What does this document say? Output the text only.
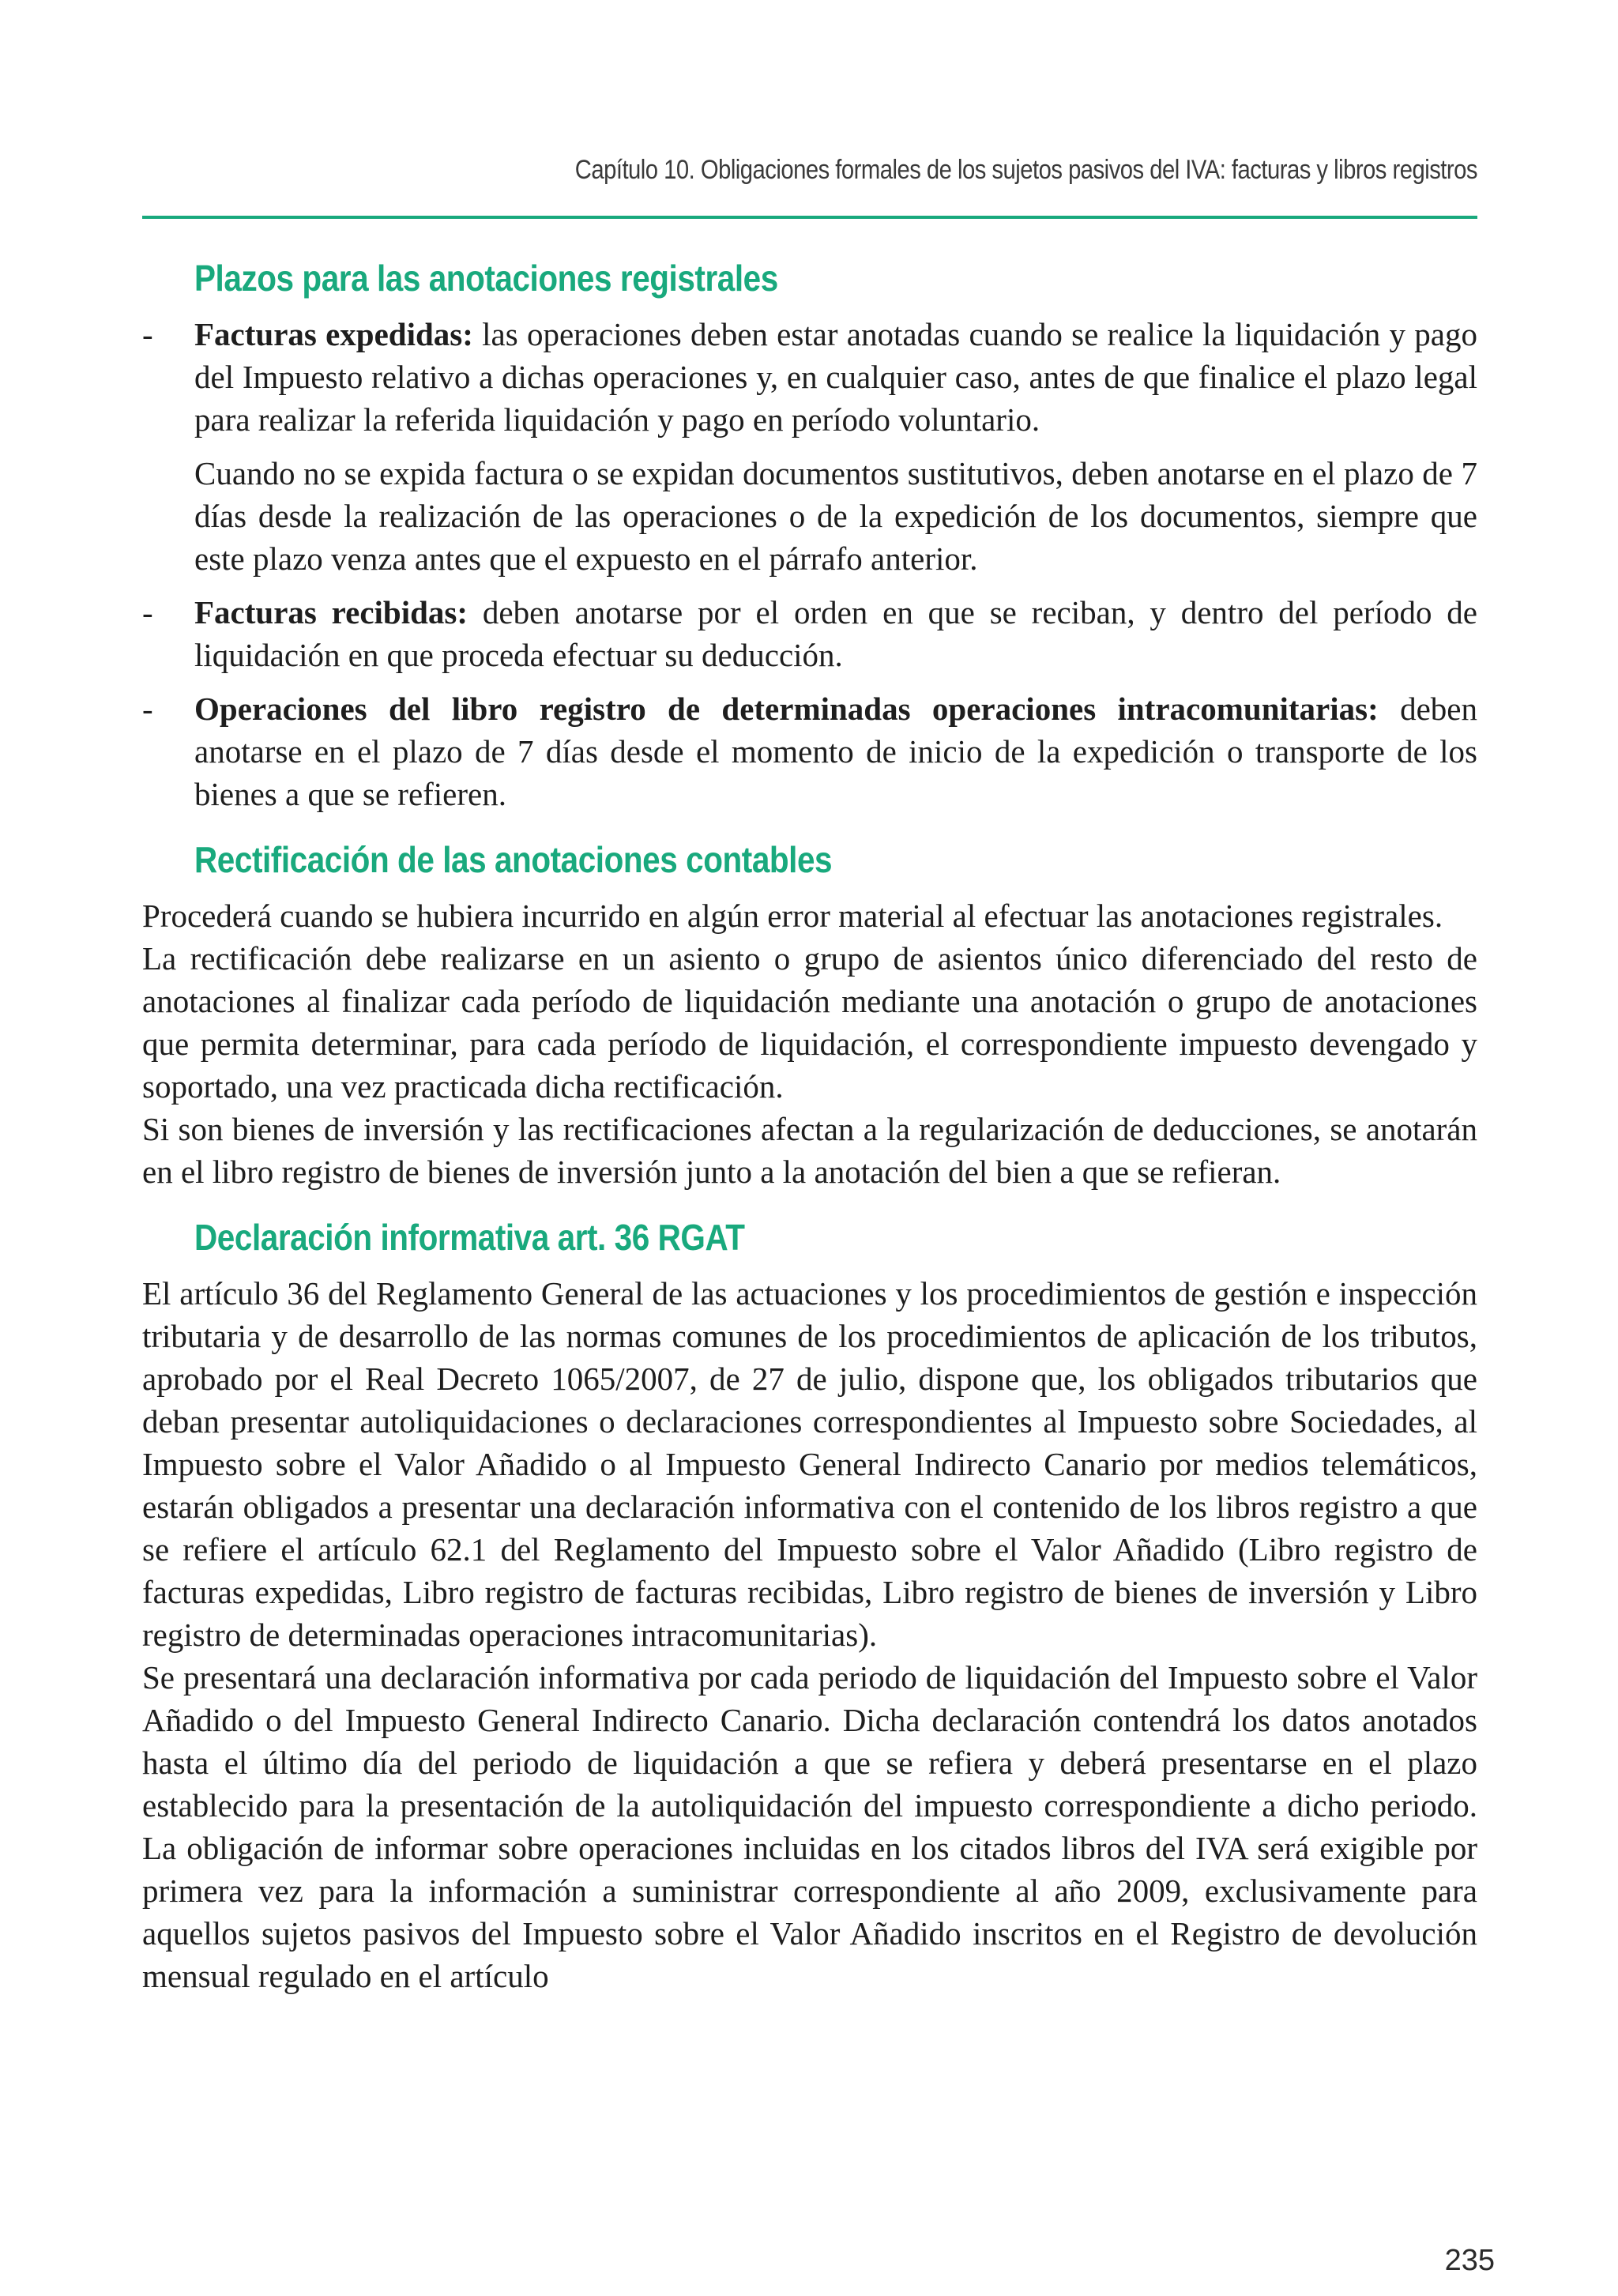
Capítulo 10. Obligaciones formales de los sujetos pasivos del IVA: facturas y libros registros
Plazos para las anotaciones registrales
- Facturas expedidas: las operaciones deben estar anotadas cuando se realice la liquidación y pago del Impuesto relativo a dichas operaciones y, en cualquier caso, antes de que finalice el plazo legal para realizar la referida liquidación y pago en período voluntario.

Cuando no se expida factura o se expidan documentos sustitutivos, deben anotarse en el plazo de 7 días desde la realización de las operaciones o de la expedición de los documentos, siempre que este plazo venza antes que el expuesto en el párrafo anterior.

- Facturas recibidas: deben anotarse por el orden en que se reciban, y dentro del período de liquidación en que proceda efectuar su deducción.

- Operaciones del libro registro de determinadas operaciones intracomunitarias: deben anotarse en el plazo de 7 días desde el momento de inicio de la expedición o transporte de los bienes a que se refieren.

Rectificación de las anotaciones contables

Procederá cuando se hubiera incurrido en algún error material al efectuar las anotaciones registrales.

La rectificación debe realizarse en un asiento o grupo de asientos único diferenciado del resto de anotaciones al finalizar cada período de liquidación mediante una anotación o grupo de anotaciones que permita determinar, para cada período de liquidación, el correspondiente impuesto devengado y soportado, una vez practicada dicha rectificación.

Si son bienes de inversión y las rectificaciones afectan a la regularización de deducciones, se anotarán en el libro registro de bienes de inversión junto a la anotación del bien a que se refieran.

Declaración informativa art. 36 RGAT

El artículo 36 del Reglamento General de las actuaciones y los procedimientos de gestión e inspección tributaria y de desarrollo de las normas comunes de los procedimientos de aplicación de los tributos, aprobado por el Real Decreto 1065/2007, de 27 de julio, dispone que, los obligados tributarios que deban presentar autoliquidaciones o declaraciones correspondientes al Impuesto sobre Sociedades, al Impuesto sobre el Valor Añadido o al Impuesto General Indirecto Canario por medios telemáticos, estarán obligados a presentar una declaración informativa con el contenido de los libros registro a que se refiere el artículo 62.1 del Reglamento del Impuesto sobre el Valor Añadido (Libro registro de facturas expedidas, Libro registro de facturas recibidas, Libro registro de bienes de inversión y Libro registro de determinadas operaciones intracomunitarias).

Se presentará una declaración informativa por cada periodo de liquidación del Impuesto sobre el Valor Añadido o del Impuesto General Indirecto Canario. Dicha declaración contendrá los datos anotados hasta el último día del periodo de liquidación a que se refiera y deberá presentarse en el plazo establecido para la presentación de la autoliquidación del impuesto correspondiente a dicho periodo. La obligación de informar sobre operaciones incluidas en los citados libros del IVA será exigible por primera vez para la información a suministrar correspondiente al año 2009, exclusivamente para aquellos sujetos pasivos del Impuesto sobre el Valor Añadido inscritos en el Registro de devolución mensual regulado en el artículo

235
